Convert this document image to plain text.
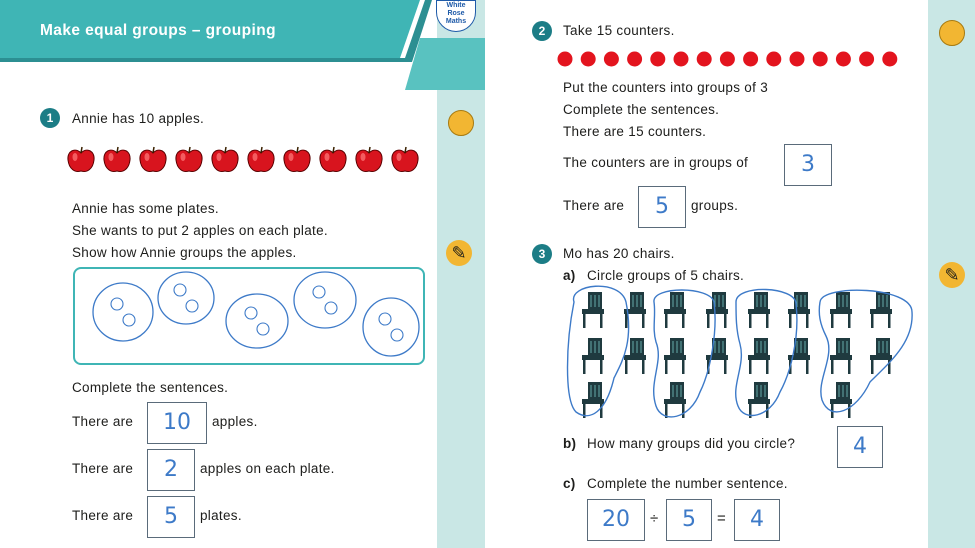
Make equal groups – grouping
White
Rose
Maths
1	Annie has 10 apples.
Annie has some plates.
She wants to put 2 apples on each plate.
Show how Annie groups the apples.	✎
Complete the sentences.
There are	10	apples.
There are	2	apples on each plate.
There are	5	plates.
2	Take 15 counters.
Put the counters into groups of 3
Complete the sentences.
There are 15 counters.
The counters are in groups of	3
There are	5	groups.
3	Mo has 20 chairs.
✎
a) Circle groups of 5 chairs.
b) How many groups did you circle?	4
c) Complete the number sentence.
20	÷	5	=	4
